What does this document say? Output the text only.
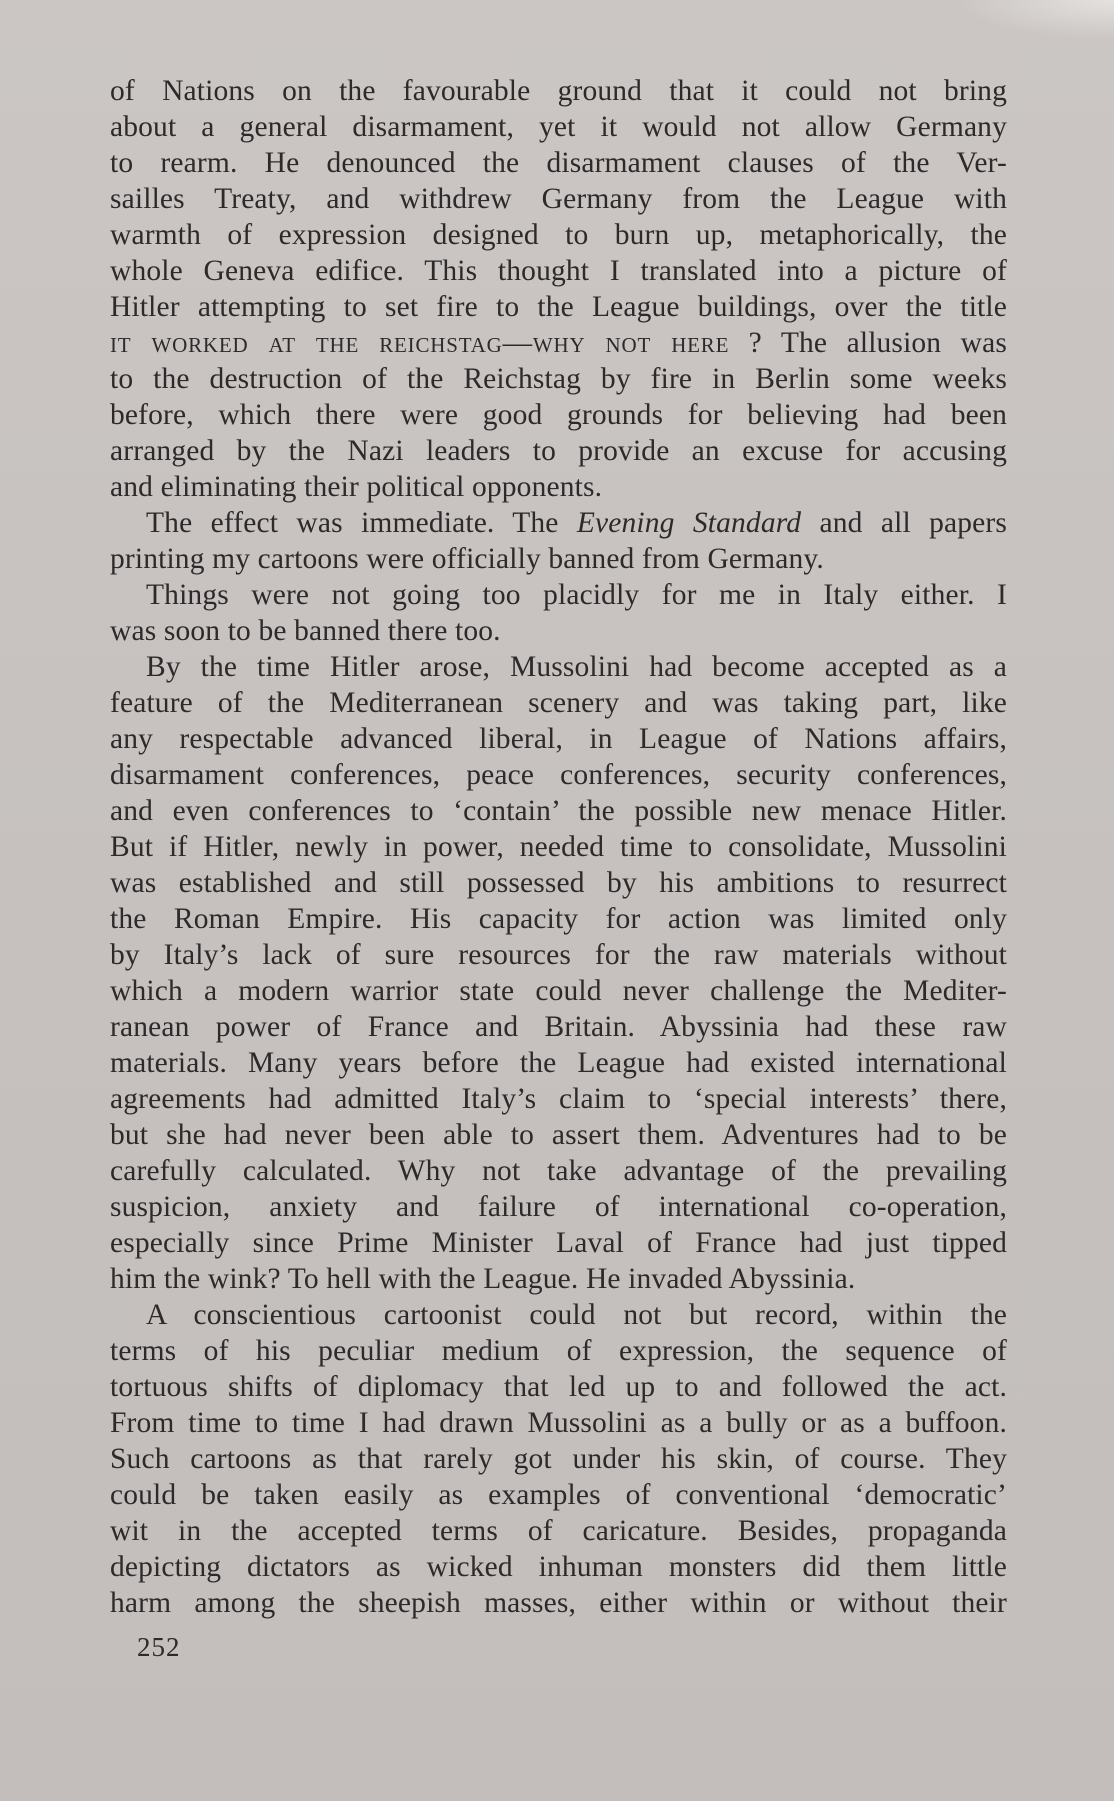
of Nations on the favourable ground that it could not bring
about a general disarmament, yet it would not allow Germany
to rearm. He denounced the disarmament clauses of the Ver-
sailles Treaty, and withdrew Germany from the League with
warmth of expression designed to burn up, metaphorically, the
whole Geneva edifice. This thought I translated into a picture of
Hitler attempting to set fire to the League buildings, over the title
it worked at the reichstag—why not here ? The allusion was
to the destruction of the Reichstag by fire in Berlin some weeks
before, which there were good grounds for believing had been
arranged by the Nazi leaders to provide an excuse for accusing
and eliminating their political opponents.
The effect was immediate. The Evening Standard and all papers
printing my cartoons were officially banned from Germany.
Things were not going too placidly for me in Italy either. I
was soon to be banned there too.
By the time Hitler arose, Mussolini had become accepted as a
feature of the Mediterranean scenery and was taking part, like
any respectable advanced liberal, in League of Nations affairs,
disarmament conferences, peace conferences, security conferences,
and even conferences to ‘contain’ the possible new menace Hitler.
But if Hitler, newly in power, needed time to consolidate, Mussolini
was established and still possessed by his ambitions to resurrect
the Roman Empire. His capacity for action was limited only
by Italy’s lack of sure resources for the raw materials without
which a modern warrior state could never challenge the Mediter-
ranean power of France and Britain. Abyssinia had these raw
materials. Many years before the League had existed international
agreements had admitted Italy’s claim to ‘special interests’ there,
but she had never been able to assert them. Adventures had to be
carefully calculated. Why not take advantage of the prevailing
suspicion, anxiety and failure of international co-operation,
especially since Prime Minister Laval of France had just tipped
him the wink? To hell with the League. He invaded Abyssinia.
A conscientious cartoonist could not but record, within the
terms of his peculiar medium of expression, the sequence of
tortuous shifts of diplomacy that led up to and followed the act.
From time to time I had drawn Mussolini as a bully or as a buffoon.
Such cartoons as that rarely got under his skin, of course. They
could be taken easily as examples of conventional ‘democratic’
wit in the accepted terms of caricature. Besides, propaganda
depicting dictators as wicked inhuman monsters did them little
harm among the sheepish masses, either within or without their

252
